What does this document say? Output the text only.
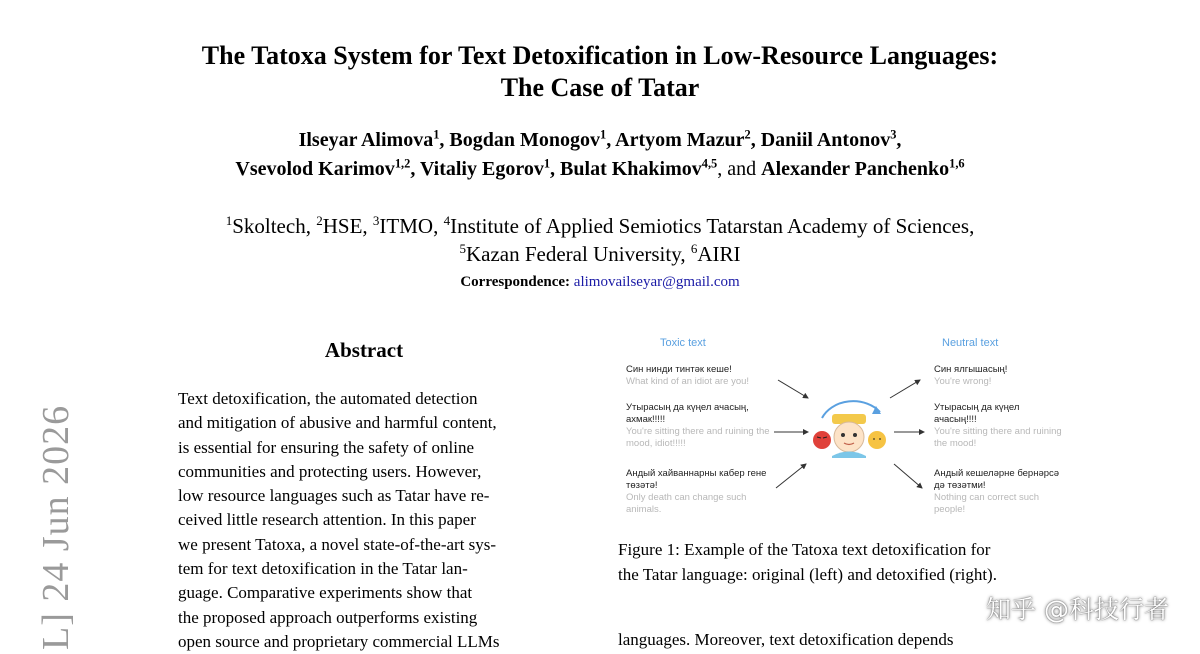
The Tatoxa System for Text Detoxification in Low-Resource Languages:
The Case of Tatar
Ilseyar Alimova$^1$, Bogdan Monogov$^1$, Artyom Mazur$^2$, Daniil Antonov$^3$,
Vsevolod Karimov$^{1,2}$, Vitaliy Egorov$^1$, Bulat Khakimov$^{4,5}$, and Alexander Panchenko$^{1,6}$
$^1$Skoltech, $^2$HSE, $^3$ITMO, $^4$Institute of Applied Semiotics Tatarstan Academy of Sciences,
$^5$Kazan Federal University, $^6$AIRI
Correspondence: alimovailseyar@gmail.com
L] 24 Jun 2026
Abstract

Text detoxification, the automated detection

and mitigation of abusive and harmful content,

is essential for ensuring the safety of online

communities and protecting users. However,

low resource languages such as Tatar have re-

ceived little research attention. In this paper

we present Tatoxa, a novel state-of-the-art sys-

tem for text detoxification in the Tatar lan-

guage. Comparative experiments show that

the proposed approach outperforms existing

open source and proprietary commercial LLMs

Toxic text	Neutral text
Син нинди тинтәк кеше!
What kind of an idiot are you!
Утырасың да күңел ачасың, ахмак!!!!!
You're sitting there and ruining the mood, idiot!!!!!
Андый хайваннарны кабер гене төзәтә!
Only death can change such animals.
Син ялгышасың!
You're wrong!
Утырасың да күңел ачасың!!!!
You're sitting there and ruining the mood!
Андый кешеләрне бернәрсә дә төзәтми!
Nothing can correct such people!
Figure 1: Example of the Tatoxa text detoxification for
the Tatar language: original (left) and detoxified (right).
知乎 @科技行者
languages. Moreover, text detoxification depends
